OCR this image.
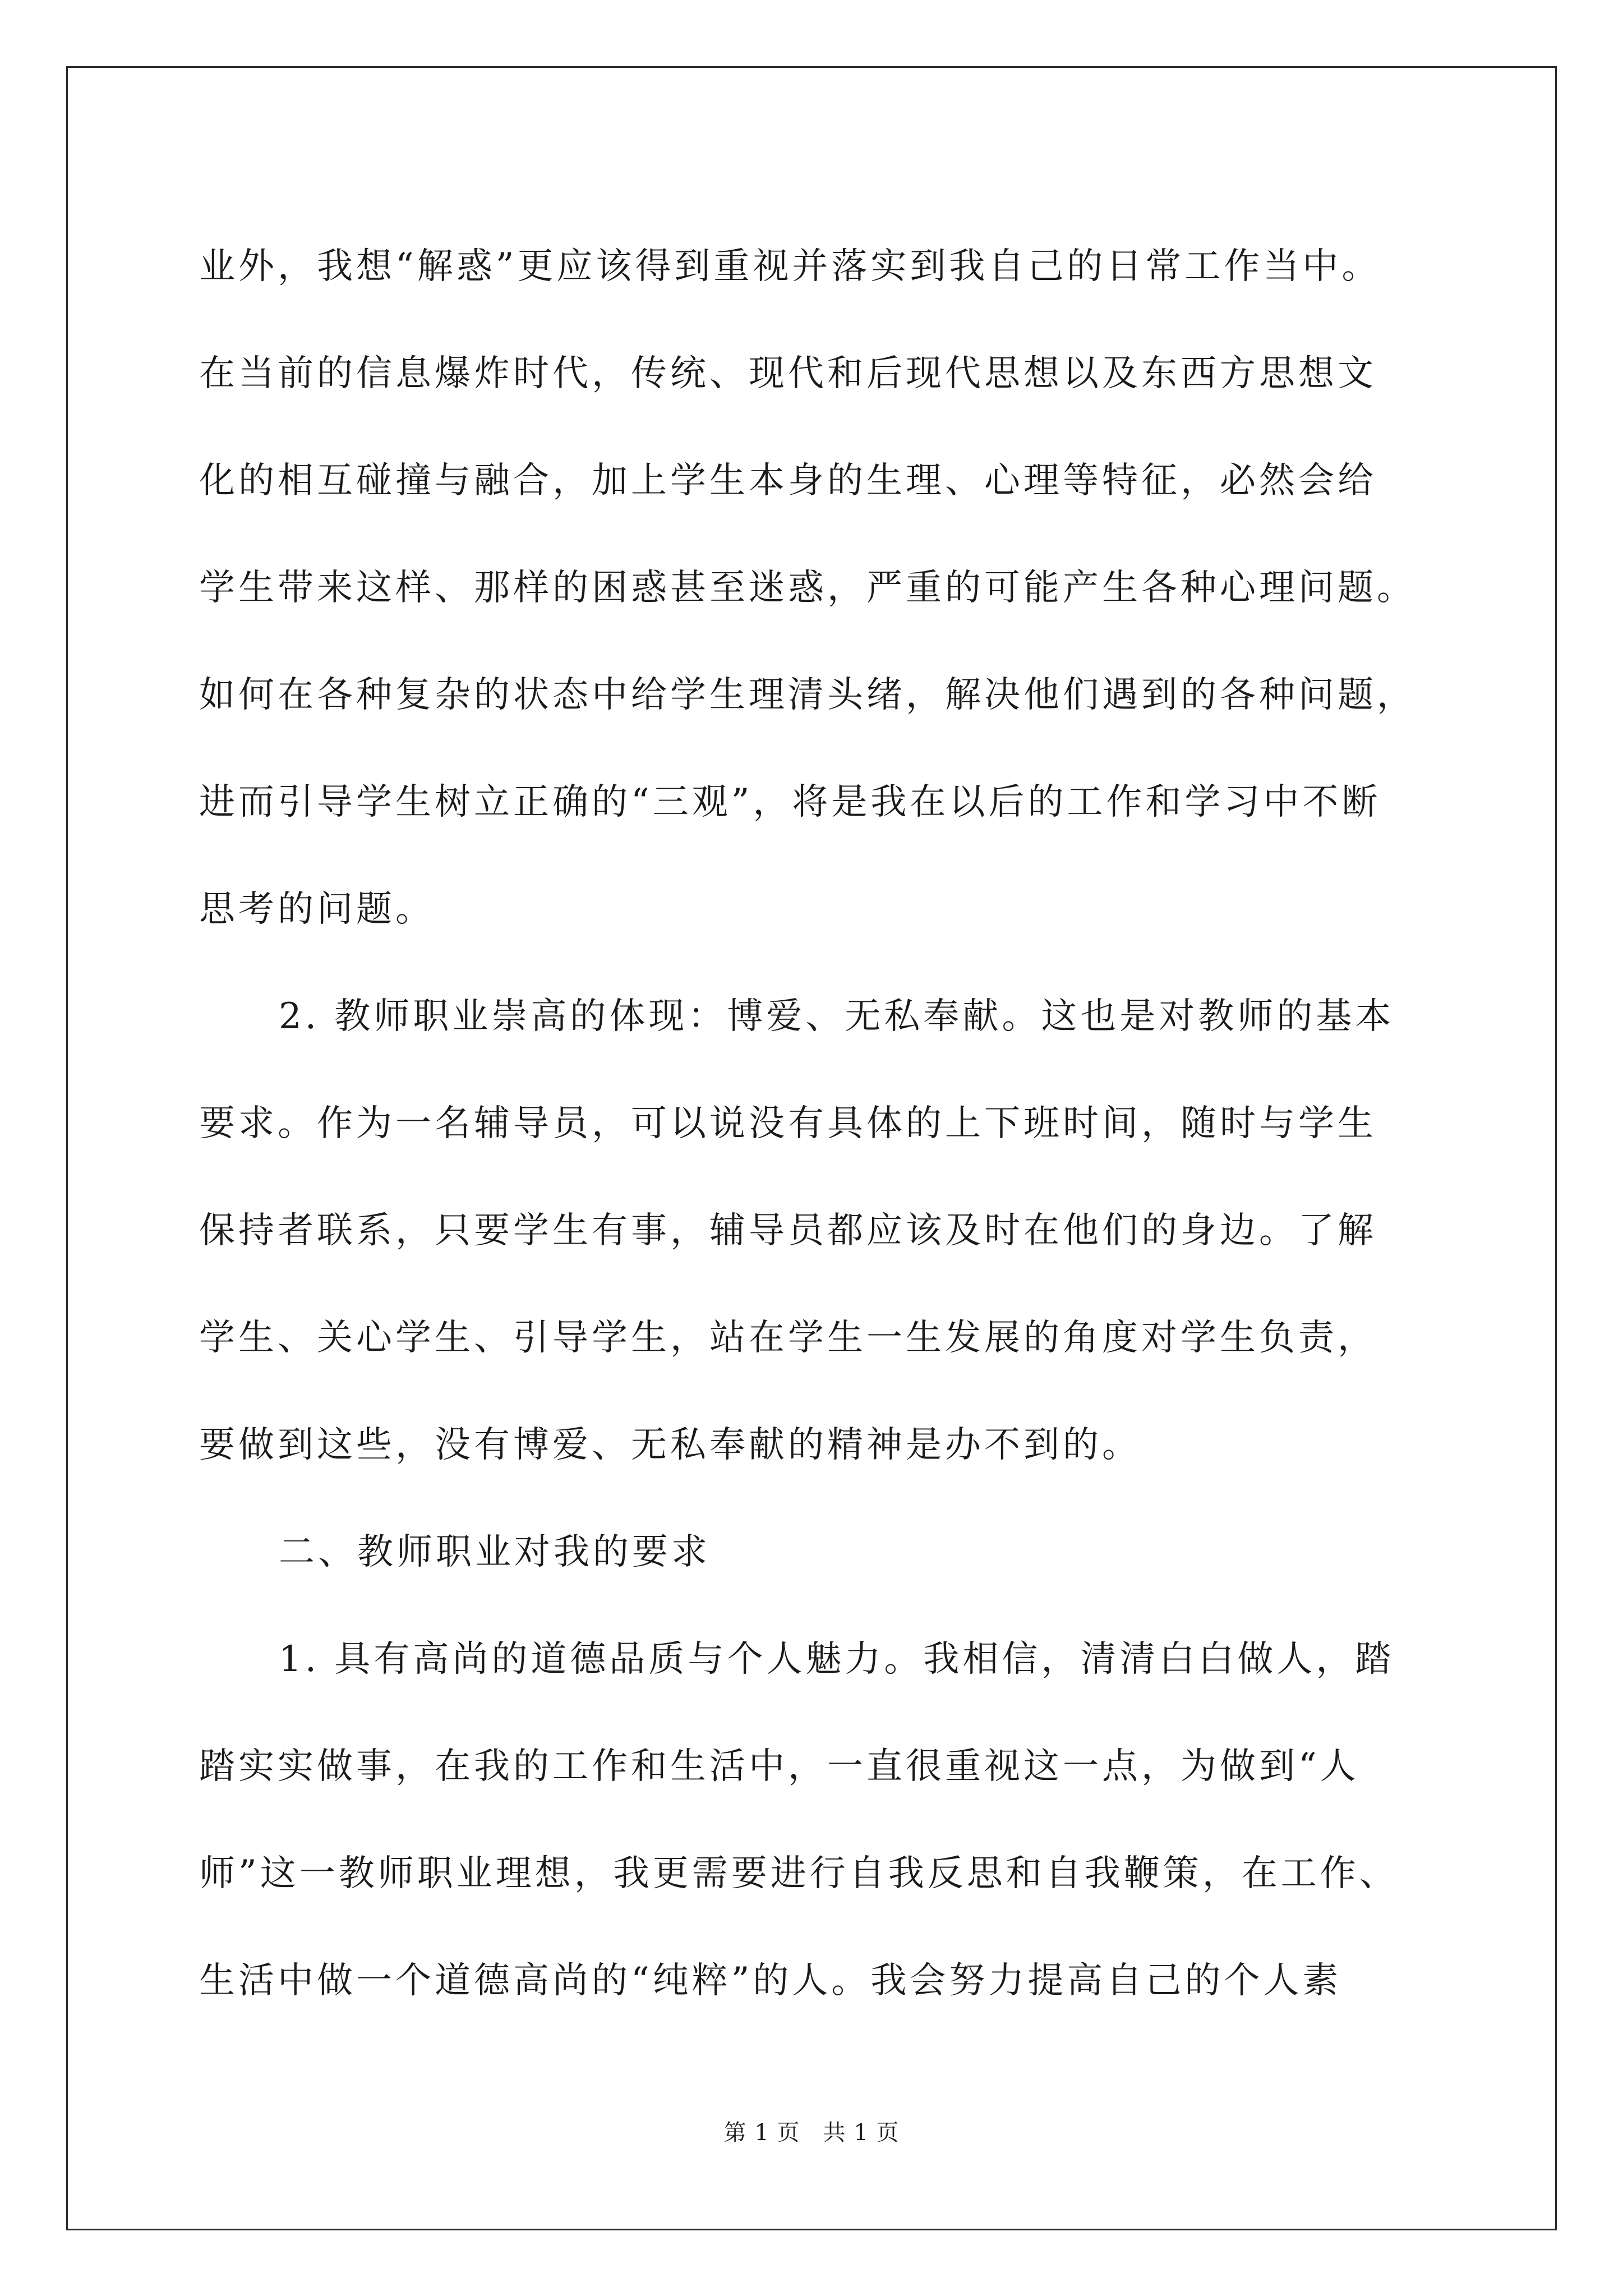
业外，我想“解惑”更应该得到重视并落实到我自己的日常工作当中。
在当前的信息爆炸时代，传统、现代和后现代思想以及东西方思想文
化的相互碰撞与融合，加上学生本身的生理、心理等特征，必然会给
学生带来这样、那样的困惑甚至迷惑，严重的可能产生各种心理问题。
如何在各种复杂的状态中给学生理清头绪，解决他们遇到的各种问题，
进而引导学生树立正确的“三观”，将是我在以后的工作和学习中不断
思考的问题。
2. 教师职业崇高的体现：博爱、无私奉献。这也是对教师的基本
要求。作为一名辅导员，可以说没有具体的上下班时间，随时与学生
保持者联系，只要学生有事，辅导员都应该及时在他们的身边。了解
学生、关心学生、引导学生，站在学生一生发展的角度对学生负责，
要做到这些，没有博爱、无私奉献的精神是办不到的。
二、教师职业对我的要求
1. 具有高尚的道德品质与个人魅力。我相信，清清白白做人，踏
踏实实做事，在我的工作和生活中，一直很重视这一点，为做到“人
师”这一教师职业理想，我更需要进行自我反思和自我鞭策，在工作、
生活中做一个道德高尚的“纯粹”的人。我会努力提高自己的个人素
第 1 页　共 1 页
